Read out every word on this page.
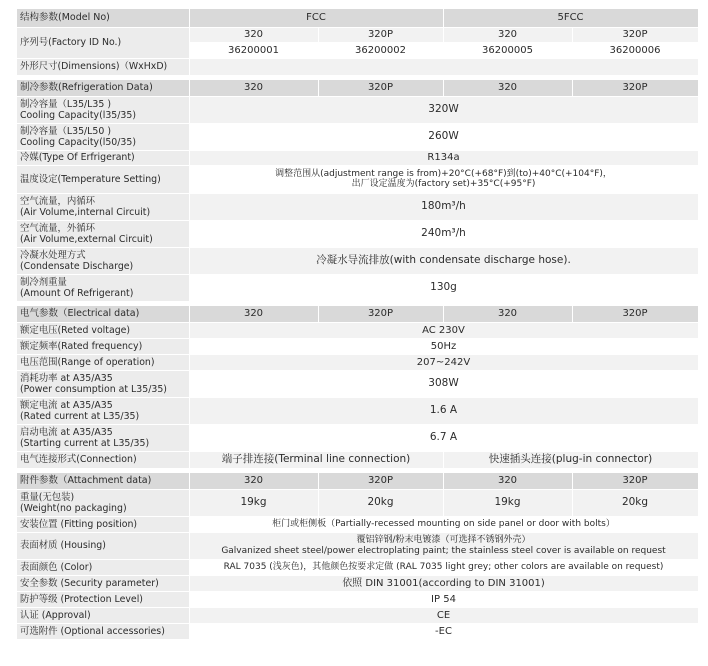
结构参数(Model No)	FCC		5FCC	
序列号(Factory ID No.)	320	320P	320	320P
	36200001	36200002	36200005	36200006
外形尺寸(Dimensions)（WxHxD)				

制冷参数(Refrigeration Data)	320	320P	320	320P
制冷容量（L35/L35 )
Cooling Capacity(l35/35)	320W			
制冷容量（L35/L50 )
Cooling Capacity(l50/35)	260W			
冷媒(Type Of Erfrigerant)	R134a			
温度设定(Temperature Setting)	调整范围从(adjustment range is from)+20°C(+68°F)到(to)+40°C(+104°F)，
出厂设定温度为(factory set)+35°C(+95°F)			
空气流量，内循环
(Air Volume,internal Circuit)	180m³/h			
空气流量，外循环
(Air Volume,external Circuit)	240m³/h			
冷凝水处理方式
(Condensate Discharge)	冷凝水导流排放(with condensate discharge hose).			
制冷剂重量
(Amount Of Refrigerant)	130g			

电气参数（Electrical data)	320	320P	320	320P
额定电压(Reted voltage)	AC 230V			
额定频率(Rated frequency)	50Hz			
电压范围(Range of operation)	207~242V			
消耗功率 at A35/A35
(Power consumption at L35/35)	308W			
额定电流 at A35/A35
(Rated current at L35/35)	1.6 A			
启动电流 at A35/A35
(Starting current at L35/35)	6.7 A			
电气连接形式(Connection)	端子排连接(Terminal line connection)		快速插头连接(plug-in connector)	

附件参数（Attachment data)	320	320P	320	320P
重量(无包装)
(Weight(no packaging)	19kg	20kg	19kg	20kg
安装位置 (Fitting position)	柜门或柜侧板（Partially-recessed mounting on side panel or door with bolts）			
表面材质 (Housing)	覆铝锌钢/粉末电镀漆（可选择不锈钢外壳）
Galvanized sheet steel/power electroplating paint; the stainless steel cover is available on request			
表面颜色 (Color)	RAL 7035 (浅灰色)，其他颜色按要求定做 (RAL 7035 light grey; other colors are available on request)			
安全参数 (Security parameter)	依照 DIN 31001(according to DIN 31001)			
防护等级 (Protection Level)	IP 54			
认证 (Approval)	CE			
可选附件 (Optional accessories)	-EC			
